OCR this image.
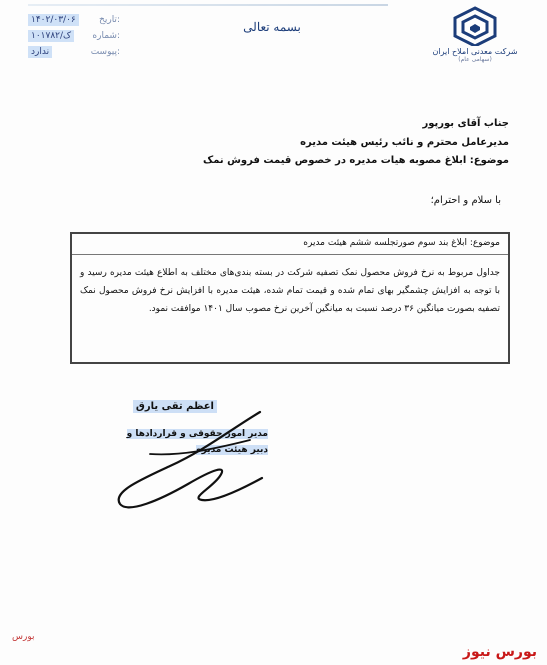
۱۴۰۲/۰۳/۰۶	تاریخ:
۱۰۱۷۸۲/ک	شماره:
ندارد	پیوست:
بسمه تعالی
شرکت معدنی املاح ایران
(سهامی عام)
جناب آقای بورپور
مدیرعامل محترم و نائب رئیس هیئت مدیره
موضوع: ابلاغ مصوبه هیات مدیره در خصوص قیمت فروش نمک
با سلام و احترام؛
موضوع: ابلاغ بند سوم صورتجلسه ششم هیئت مدیره

جداول مربوط به نرخ فروش محصول نمک تصفیه شرکت در بسته بندی‌های مختلف به اطلاع هیئت مدیره رسید و با توجه به افزایش چشمگیر بهای تمام شده و قیمت تمام شده، هیئت مدیره با افزایش نرخ فروش محصول نمک تصفیه بصورت میانگین ۳۶ درصد نسبت به میانگین آخرین نرخ مصوب سال ۱۴۰۱ موافقت نمود.

اعظم تقی یارق
مدیر امور حقوقی و قراردادها و دبیر هیئت مدیره
بورس
بورس نیوز
